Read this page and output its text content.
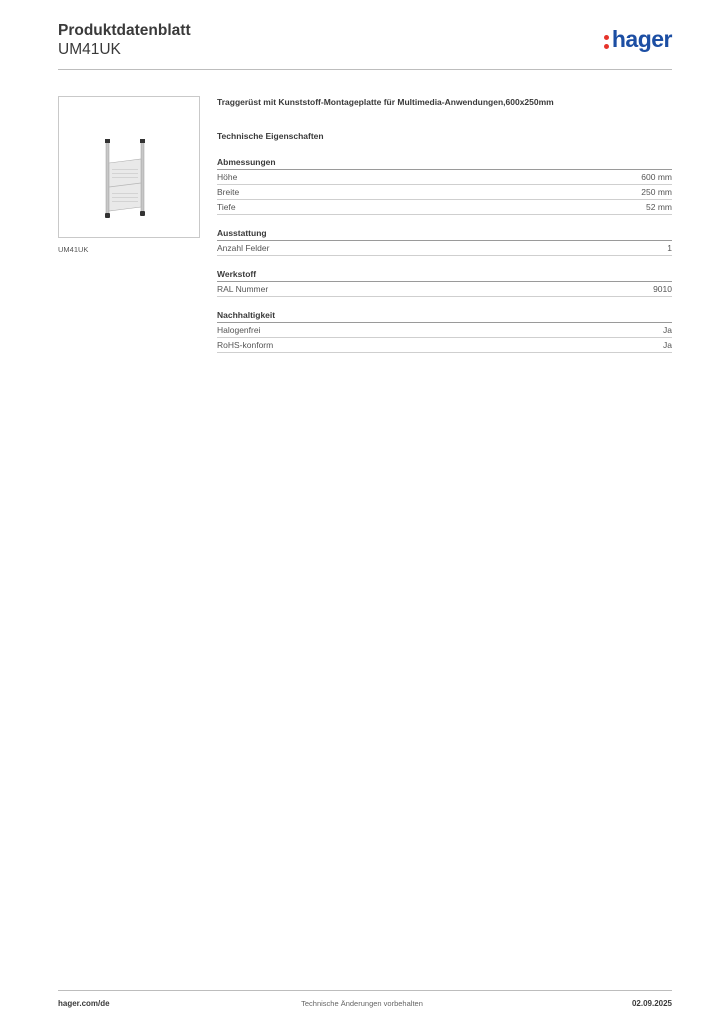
Produktdatenblatt
UM41UK	hager
UM41UK
Traggerüst mit Kunststoff-Montageplatte für Multimedia-Anwendungen,600x250mm
Technische Eigenschaften
Abmessungen
Höhe	600 mm
Breite	250 mm
Tiefe	52 mm
Ausstattung
Anzahl Felder	1
Werkstoff
RAL Nummer	9010
Nachhaltigkeit
Halogenfrei	Ja
RoHS-konform	Ja
hager.com/de	Technische Änderungen vorbehalten	02.09.2025
